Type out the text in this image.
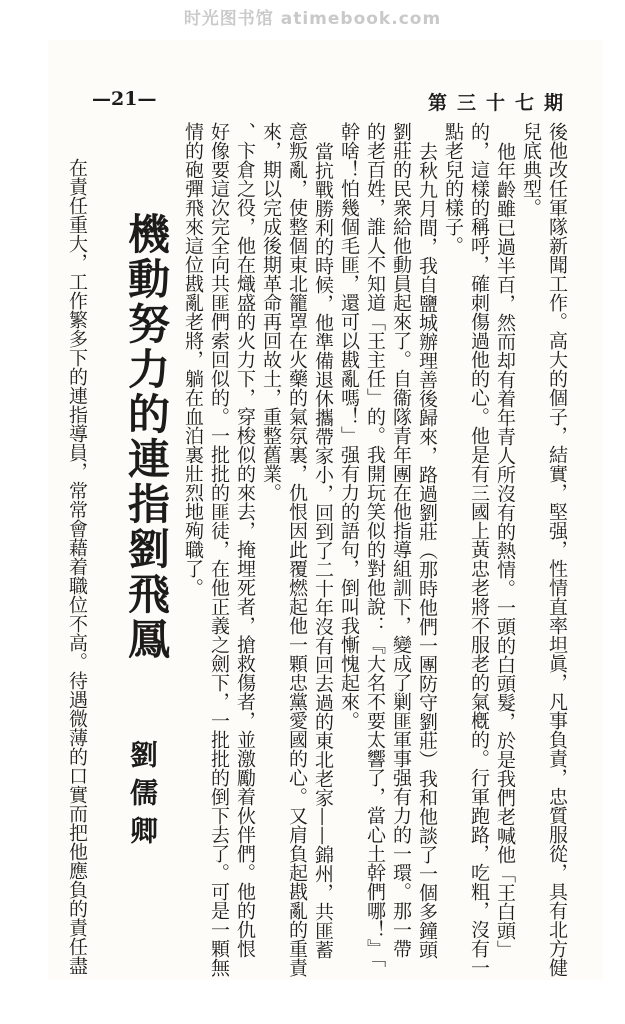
时光图书馆 atimebook.com
第三十七期
—21—
後他改任軍隊新聞工作。高大的個子，結實，堅强，性情直率坦眞，凡事負責，忠質服從，具有北方健
兒底典型。
他年齡雖已過半百，然而却有着年青人所沒有的熱情。一頭的白頭髮，於是我們老喊他「王白頭」
的，這樣的稱呼，確刺傷過他的心。他是有三國上黃忠老將不服老的氣槪的。行軍跑路，吃粗，沒有一
點老兒的樣子。
去秋九月間，我自鹽城辦理善後歸來，路過劉莊（那時他們一團防守劉莊）我和他談了一個多鐘頭
劉莊的民衆給他動員起來了。自衞隊青年團在他指導組訓下，變成了剿匪軍事强有力的一環。那一帶
的老百姓，誰人不知道「王主任」的。我開玩笑似的對他說：『大名不要太響了，當心土幹們哪！』「
幹啥！怕幾個毛匪，還可以戡亂嗎！」强有力的語句，倒叫我慚愧起來。
當抗戰勝利的時候，他準備退休攜帶家小，回到了二十年沒有回去過的東北老家——錦州，共匪蓄
意叛亂，使整個東北籠罩在火藥的氣氛裏，仇恨因此覆燃起他一顆忠黨愛國的心。又肩負起戡亂的重責
來，期以完成後期革命再回故土，重整舊業。
、卞倉之役，他在熾盛的火力下，穿梭似的來去，掩埋死者，搶救傷者，並激勵着伙伴們。他的仇恨
好像要這次完全向共匪們索回似的。一批批的匪徒，在他正義之劍下，一批批的倒下去了。可是一顆無
情的砲彈飛來這位戡亂老將，躺在血泊裏壯烈地殉職了。
機動努力的連指劉飛鳳
劉儒卿
在責任重大，工作繁多下的連指導員，常常會藉着職位不高。待遇微薄的口實而把他應負的責任盡
